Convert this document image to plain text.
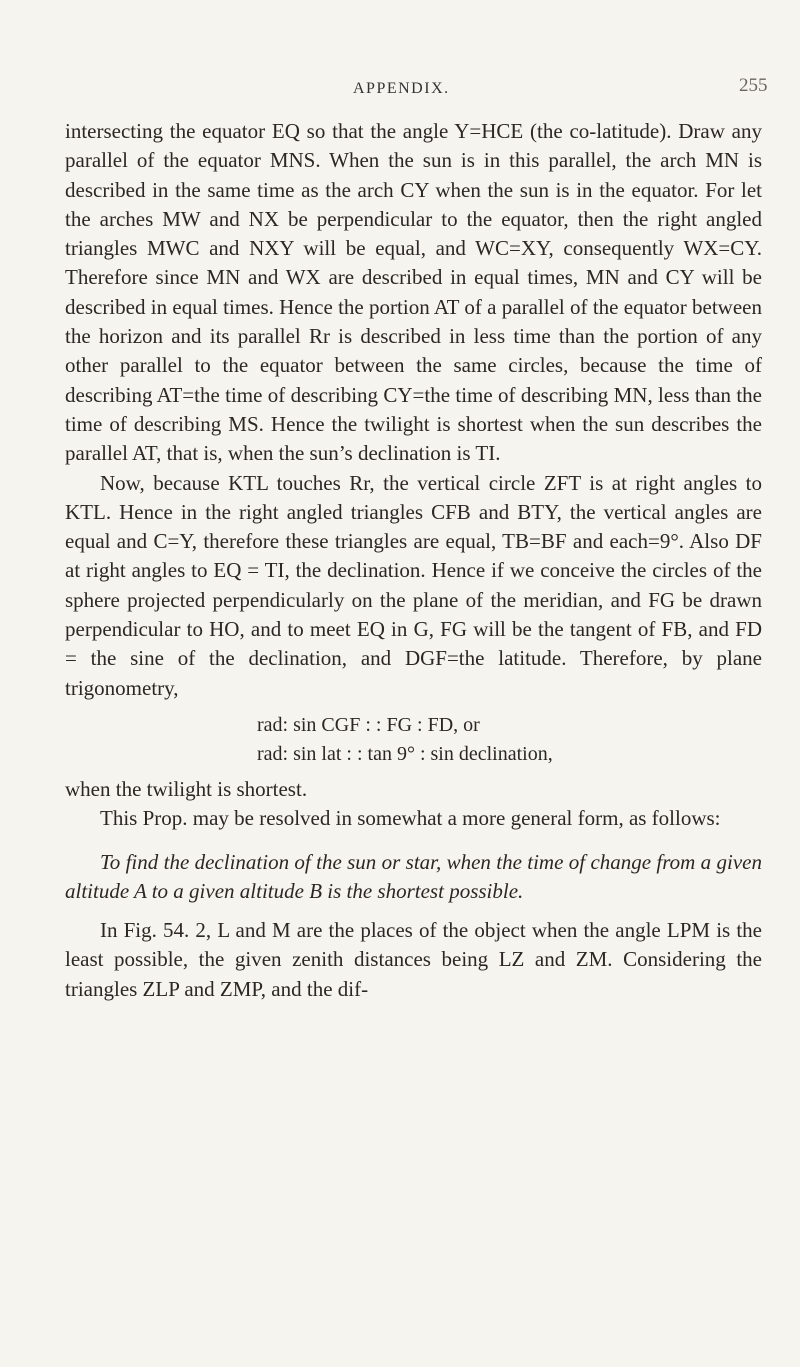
APPENDIX.	255

intersecting the equator EQ so that the angle Y=HCE (the co-latitude). Draw any parallel of the equator MNS. When the sun is in this parallel, the arch MN is described in the same time as the arch CY when the sun is in the equator. For let the arches MW and NX be perpendicular to the equator, then the right angled triangles MWC and NXY will be equal, and WC=XY, consequently WX=CY. Therefore since MN and WX are described in equal times, MN and CY will be described in equal times. Hence the portion AT of a parallel of the equator between the horizon and its parallel Rr is described in less time than the portion of any other parallel to the equator between the same circles, because the time of describing AT=the time of describing CY=the time of describing MN, less than the time of describing MS. Hence the twilight is shortest when the sun describes the parallel AT, that is, when the sun’s declination is TI.

Now, because KTL touches Rr, the vertical circle ZFT is at right angles to KTL. Hence in the right angled triangles CFB and BTY, the vertical angles are equal and C=Y, therefore these triangles are equal, TB=BF and each=9°. Also DF at right angles to EQ = TI, the declination. Hence if we conceive the circles of the sphere projected perpendicularly on the plane of the meridian, and FG be drawn perpendicular to HO, and to meet EQ in G, FG will be the tangent of FB, and FD = the sine of the declination, and DGF=the latitude. Therefore, by plane trigonometry,

rad: sin CGF : : FG : FD, or
rad: sin lat : : tan 9° : sin declination,

when the twilight is shortest.

This Prop. may be resolved in somewhat a more general form, as follows:

To find the declination of the sun or star, when the time of change from a given altitude A to a given altitude B is the shortest possible.

In Fig. 54. 2, L and M are the places of the object when the angle LPM is the least possible, the given zenith distances being LZ and ZM. Considering the triangles ZLP and ZMP, and the dif-
